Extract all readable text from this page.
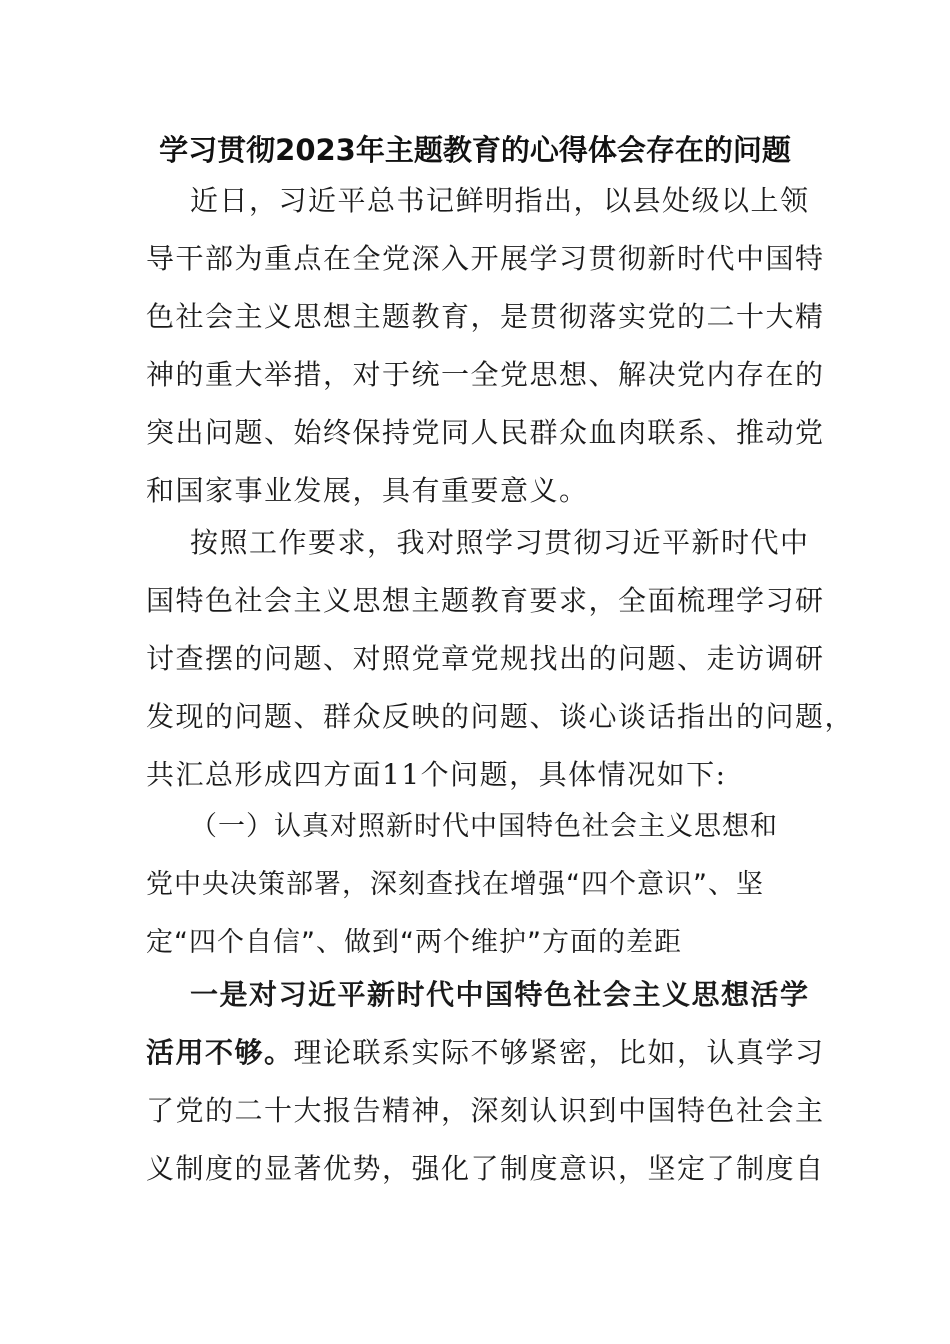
学习贯彻2023年主题教育的心得体会存在的问题
近日，习近平总书记鲜明指出，以县处级以上领
导干部为重点在全党深入开展学习贯彻新时代中国特
色社会主义思想主题教育，是贯彻落实党的二十大精
神的重大举措，对于统一全党思想、解决党内存在的
突出问题、始终保持党同人民群众血肉联系、推动党
和国家事业发展，具有重要意义。
按照工作要求，我对照学习贯彻习近平新时代中
国特色社会主义思想主题教育要求，全面梳理学习研
讨查摆的问题、对照党章党规找出的问题、走访调研
发现的问题、群众反映的问题、谈心谈话指出的问题，
共汇总形成四方面11个问题，具体情况如下:
（一）认真对照新时代中国特色社会主义思想和
党中央决策部署，深刻查找在增强“四个意识”、坚
定“四个自信”、做到“两个维护”方面的差距
一是对习近平新时代中国特色社会主义思想活学
活用不够。理论联系实际不够紧密，比如，认真学习
了党的二十大报告精神，深刻认识到中国特色社会主
义制度的显著优势，强化了制度意识，坚定了制度自
